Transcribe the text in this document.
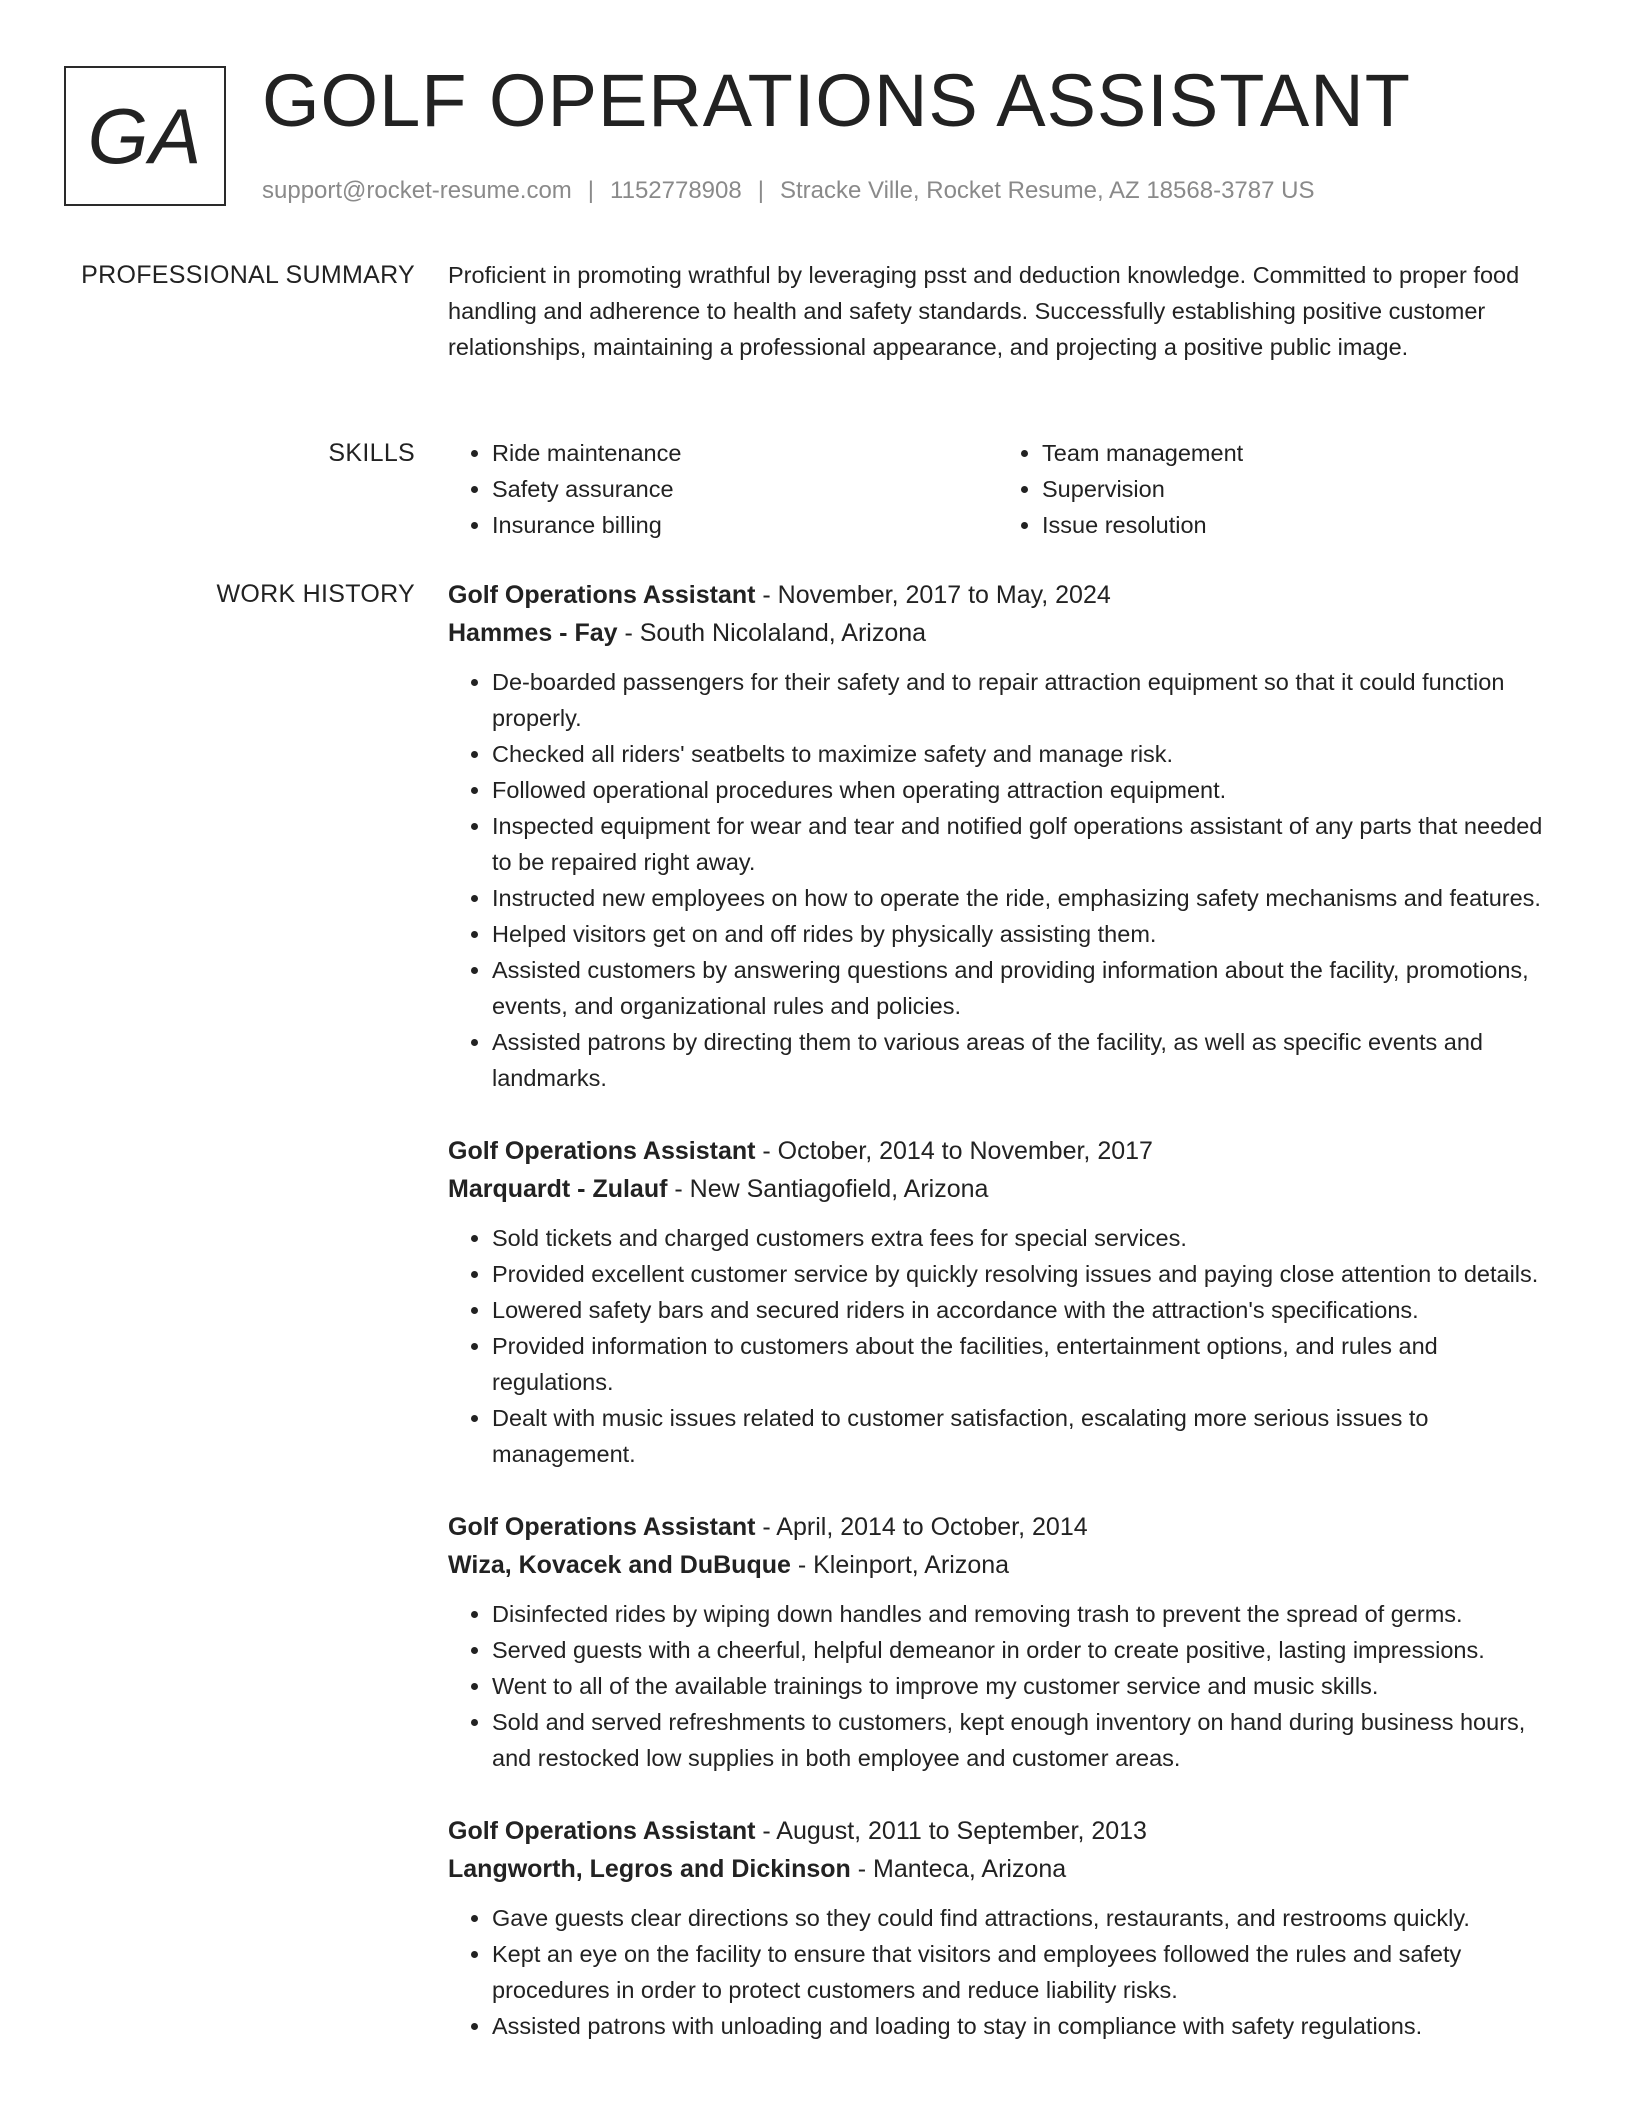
GA GOLF OPERATIONS ASSISTANT
support@rocket-resume.com | 1152778908 | Stracke Ville, Rocket Resume, AZ 18568-3787 US
PROFESSIONAL SUMMARY Proficient in promoting wrathful by leveraging psst and deduction knowledge. Committed to proper food handling and adherence to health and safety standards. Successfully establishing positive customer relationships, maintaining a professional appearance, and projecting a positive public image.

SKILLS
•	Ride maintenance
• Safety assurance
• Insurance billing
• Team management
• Supervision
• Issue resolution
WORK HISTORY Golf Operations Assistant - November, 2017 to May, 2024
Hammes - Fay - South Nicolaland, Arizona
• De-boarded passengers for their safety and to repair attraction equipment so that it could function properly.
• Checked all riders' seatbelts to maximize safety and manage risk.
• Followed operational procedures when operating attraction equipment.
• Inspected equipment for wear and tear and notified golf operations assistant of any parts that needed to be repaired right away.
• Instructed new employees on how to operate the ride, emphasizing safety mechanisms and features.
• Helped visitors get on and off rides by physically assisting them.
• Assisted customers by answering questions and providing information about the facility, promotions, events, and organizational rules and policies.
• Assisted patrons by directing them to various areas of the facility, as well as specific events and landmarks.
Golf Operations Assistant - October, 2014 to November, 2017
Marquardt - Zulauf - New Santiagofield, Arizona
• Sold tickets and charged customers extra fees for special services.
• Provided excellent customer service by quickly resolving issues and paying close attention to details.
• Lowered safety bars and secured riders in accordance with the attraction's specifications.
• Provided information to customers about the facilities, entertainment options, and rules and regulations.
• Dealt with music issues related to customer satisfaction, escalating more serious issues to management.
Golf Operations Assistant - April, 2014 to October, 2014
Wiza, Kovacek and DuBuque - Kleinport, Arizona
• Disinfected rides by wiping down handles and removing trash to prevent the spread of germs.
• Served guests with a cheerful, helpful demeanor in order to create positive, lasting impressions.
• Went to all of the available trainings to improve my customer service and music skills.
• Sold and served refreshments to customers, kept enough inventory on hand during business hours, and restocked low supplies in both employee and customer areas.
Golf Operations Assistant - August, 2011 to September, 2013
Langworth, Legros and Dickinson - Manteca, Arizona
• Gave guests clear directions so they could find attractions, restaurants, and restrooms quickly.
• Kept an eye on the facility to ensure that visitors and employees followed the rules and safety procedures in order to protect customers and reduce liability risks.
• Assisted patrons with unloading and loading to stay in compliance with safety regulations.
